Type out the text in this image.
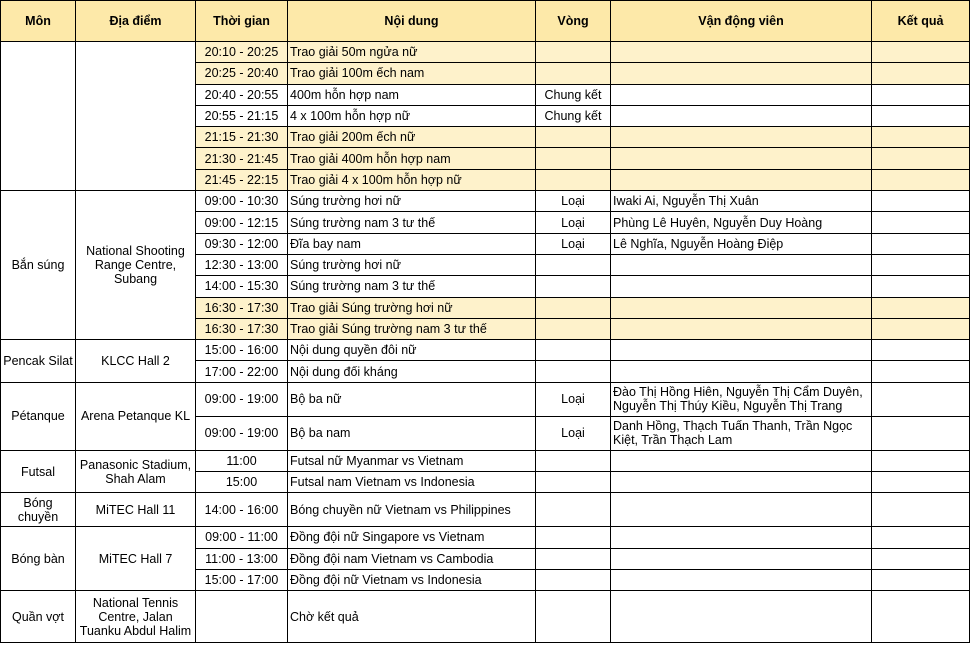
Môn	Địa điểm	Thời gian	Nội dung	Vòng	Vận động viên	Kết quả
		20:10 - 20:25	Trao giải 50m ngửa nữ			
		20:25 - 20:40	Trao giải 100m ếch nam			
		20:40 - 20:55	400m hỗn hợp nam	Chung kết		
		20:55 - 21:15	4 x 100m hỗn hợp nữ	Chung kết		
		21:15 - 21:30	Trao giải 200m ếch nữ			
		21:30 - 21:45	Trao giải 400m hỗn hợp nam			
		21:45 - 22:15	Trao giải 4 x 100m hỗn hợp nữ			
Bắn súng	National Shooting Range Centre, Subang	09:00 - 10:30	Súng trường hơi nữ	Loại	Iwaki Ai, Nguyễn Thị Xuân	
		09:00 - 12:15	Súng trường nam 3 tư thế	Loại	Phùng Lê Huyên, Nguyễn Duy Hoàng	
		09:30 - 12:00	Đĩa bay nam	Loại	Lê Nghĩa, Nguyễn Hoàng Điệp	
		12:30 - 13:00	Súng trường hơi nữ			
		14:00 - 15:30	Súng trường nam 3 tư thế			
		16:30 - 17:30	Trao giải Súng trường hơi nữ			
		16:30 - 17:30	Trao giải Súng trường nam 3 tư thế			
Pencak Silat	KLCC Hall 2	15:00 - 16:00	Nội dung quyền đôi nữ			
		17:00 - 22:00	Nội dung đối kháng			
Pétanque	Arena Petanque KL	09:00 - 19:00	Bộ ba nữ	Loại	Đào Thị Hồng Hiên, Nguyễn Thị Cẩm Duyên, Nguyễn Thị Thúy Kiều, Nguyễn Thị Trang	
		09:00 - 19:00	Bộ ba nam	Loại	Danh Hồng, Thạch Tuấn Thanh, Trần Ngọc Kiệt, Trần Thạch Lam	
Futsal	Panasonic Stadium, Shah Alam	11:00	Futsal nữ Myanmar vs Vietnam			
		15:00	Futsal nam Vietnam vs Indonesia			
Bóng chuyền	MiTEC Hall 11	14:00 - 16:00	Bóng chuyền nữ Vietnam vs Philippines			
Bóng bàn	MiTEC Hall 7	09:00 - 11:00	Đồng đội nữ Singapore vs Vietnam			
		11:00 - 13:00	Đồng đội nam Vietnam vs Cambodia			
		15:00 - 17:00	Đồng đội nữ Vietnam vs Indonesia			
Quần vợt	National Tennis Centre, Jalan Tuanku Abdul Halim		Chờ kết quả			
